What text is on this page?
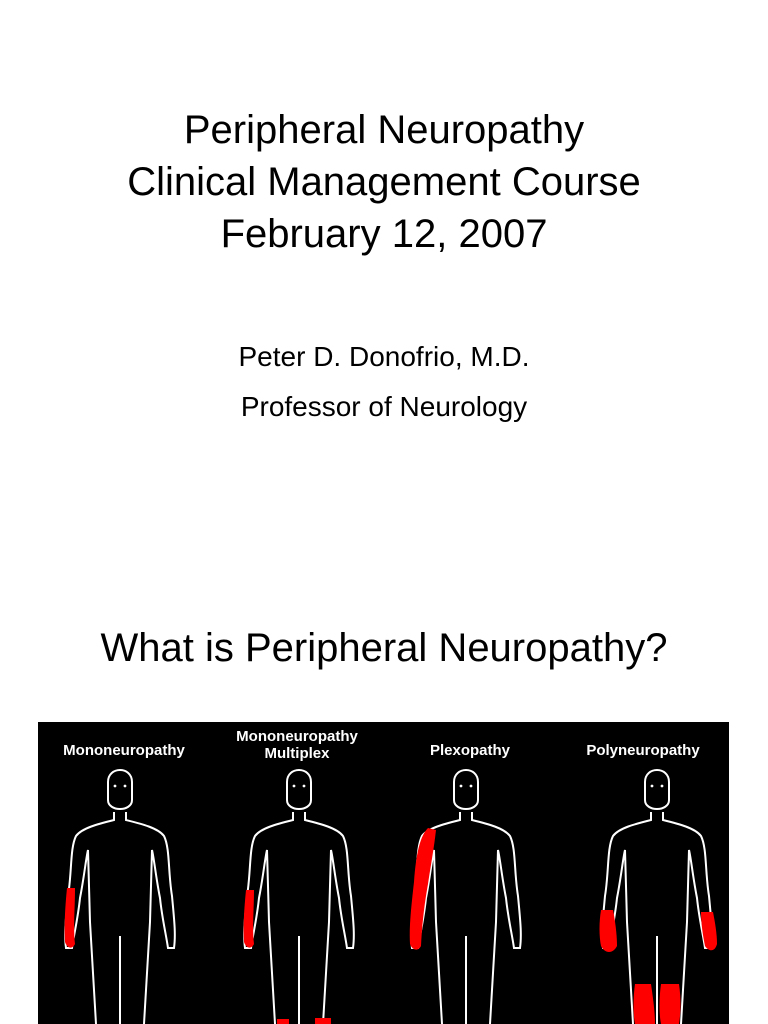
Peripheral Neuropathy
Clinical Management Course
February 12, 2007
Peter D. Donofrio, M.D.
Professor of Neurology
What is Peripheral Neuropathy?
Mononeuropathy
Mononeuropathy
Multiplex	Plexopathy	Polyneuropathy
